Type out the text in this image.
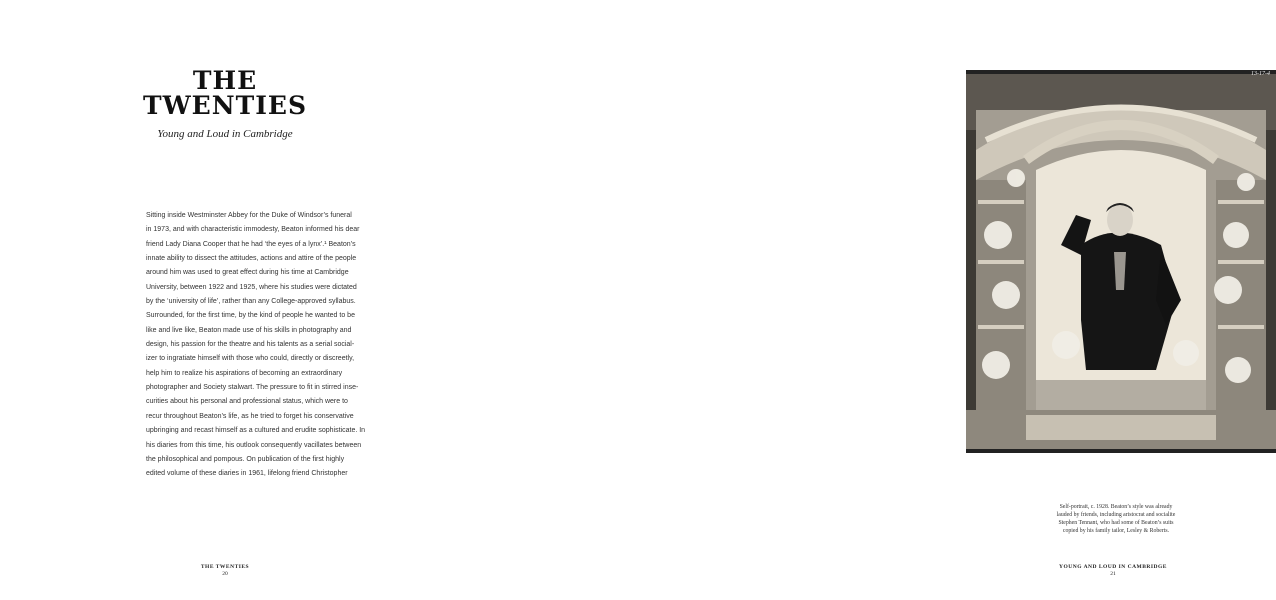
THE
TWENTIES
Young and Loud in Cambridge
Sitting inside Westminster Abbey for the Duke of Windsor’s funeral
in 1973, and with characteristic immodesty, Beaton informed his dear
friend Lady Diana Cooper that he had ‘the eyes of a lynx’.¹ Beaton’s
innate ability to dissect the attitudes, actions and attire of the people
around him was used to great effect during his time at Cambridge
University, between 1922 and 1925, where his studies were dictated
by the ‘university of life’, rather than any College-approved syllabus.
Surrounded, for the first time, by the kind of people he wanted to be
like and live like, Beaton made use of his skills in photography and
design, his passion for the theatre and his talents as a serial social-
izer to ingratiate himself with those who could, directly or discreetly,
help him to realize his aspirations of becoming an extraordinary
photographer and Society stalwart. The pressure to fit in stirred inse-
curities about his personal and professional status, which were to
recur throughout Beaton’s life, as he tried to forget his conservative
upbringing and recast himself as a cultured and erudite sophisticate. In
his diaries from this time, his outlook consequently vacillates between
the philosophical and pompous. On publication of the first highly
edited volume of these diaries in 1961, lifelong friend Christopher
THE TWENTIES
20
13-17-4
Self-portrait, c. 1928. Beaton’s style was already
lauded by friends, including aristocrat and socialite
Stephen Tennant, who had some of Beaton’s suits
copied by his family tailor, Lesley & Roberts.
YOUNG AND LOUD IN CAMBRIDGE
21
